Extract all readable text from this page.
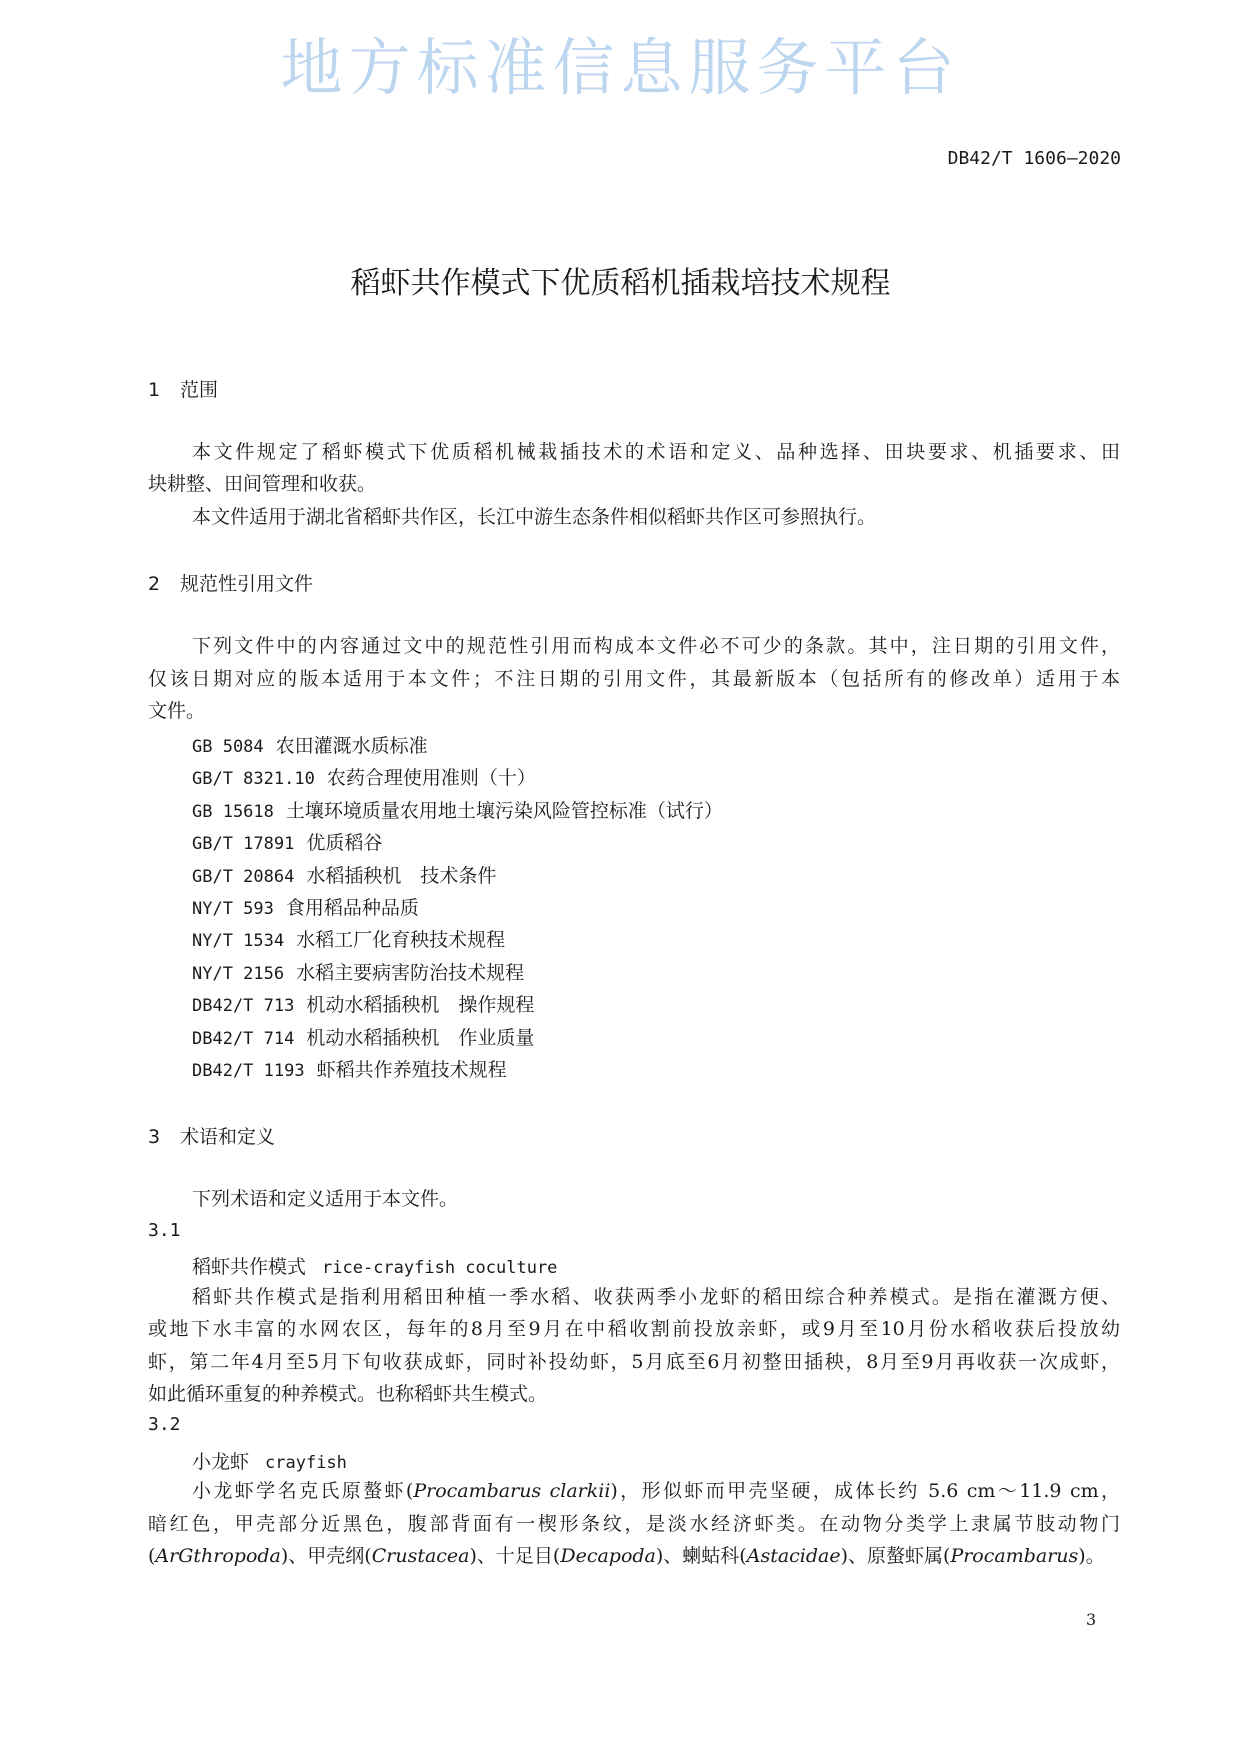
DB42/T 1606—2020
稻虾共作模式下优质稻机插栽培技术规程
1 范围
本文件规定了稻虾模式下优质稻机械栽插技术的术语和定义、品种选择、田块要求、机插要求、田
块耕整、田间管理和收获。
本文件适用于湖北省稻虾共作区，长江中游生态条件相似稻虾共作区可参照执行。
2 规范性引用文件
下列文件中的内容通过文中的规范性引用而构成本文件必不可少的条款。其中，注日期的引用文件，
仅该日期对应的版本适用于本文件；不注日期的引用文件，其最新版本（包括所有的修改单）适用于本
文件。
GB 5084 农田灌溉水质标准
GB/T 8321.10 农药合理使用准则（十）
GB 15618 土壤环境质量农用地土壤污染风险管控标准（试行）
GB/T 17891 优质稻谷
GB/T 20864 水稻插秧机　技术条件
NY/T 593 食用稻品种品质
NY/T 1534 水稻工厂化育秧技术规程
NY/T 2156 水稻主要病害防治技术规程
DB42/T 713 机动水稻插秧机　操作规程
DB42/T 714 机动水稻插秧机　作业质量
DB42/T 1193 虾稻共作养殖技术规程
3 术语和定义
下列术语和定义适用于本文件。
3.1
稻虾共作模式 rice-crayfish coculture
稻虾共作模式是指利用稻田种植一季水稻、收获两季小龙虾的稻田综合种养模式。是指在灌溉方便、
或地下水丰富的水网农区，每年的8月至9月在中稻收割前投放亲虾，或9月至10月份水稻收获后投放幼
虾，第二年4月至5月下旬收获成虾，同时补投幼虾，5月底至6月初整田插秧，8月至9月再收获一次成虾，
如此循环重复的种养模式。也称稻虾共生模式。
3.2
小龙虾 crayfish
小龙虾学名克氏原螯虾(Procambarus clarkii)，形似虾而甲壳坚硬，成体长约 5.6 cm～11.9 cm，
暗红色，甲壳部分近黑色，腹部背面有一楔形条纹，是淡水经济虾类。在动物分类学上隶属节肢动物门
(ArGthropoda)、甲壳纲(Crustacea)、十足目(Decapoda)、蝲蛄科(Astacidae)、原螯虾属(Procambarus)。
3
地方标准信息服务平台
